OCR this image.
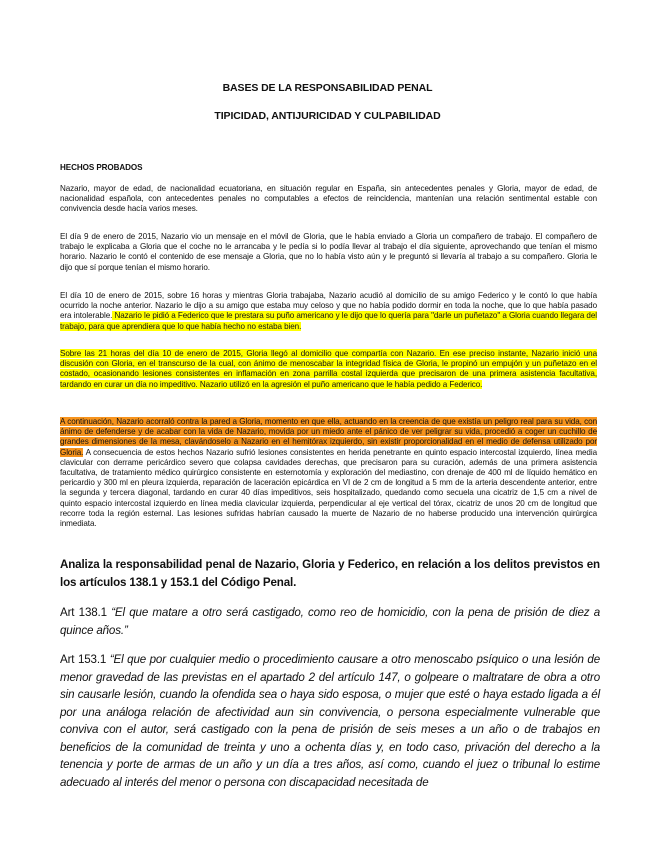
BASES DE LA RESPONSABILIDAD PENAL
TIPICIDAD, ANTIJURICIDAD Y CULPABILIDAD
HECHOS PROBADOS
Nazario, mayor de edad, de nacionalidad ecuatoriana, en situación regular en España, sin antecedentes penales y Gloria, mayor de edad, de nacionalidad española, con antecedentes penales no computables a efectos de reincidencia, mantenían una relación sentimental estable con convivencia desde hacía varios meses.
El día 9 de enero de 2015, Nazario vio un mensaje en el móvil de Gloria, que le había enviado a Gloria un compañero de trabajo. El compañero de trabajo le explicaba a Gloria que el coche no le arrancaba y le pedía si lo podía llevar al trabajo el día siguiente, aprovechando que tenían el mismo horario. Nazario le contó el contenido de ese mensaje a Gloria, que no lo había visto aún y le preguntó si llevaría al trabajo a su compañero. Gloria le dijo que sí porque tenían el mismo horario.
El día 10 de enero de 2015, sobre 16 horas y mientras Gloria trabajaba, Nazario acudió al domicilio de su amigo Federico y le contó lo que había ocurrido la noche anterior. Nazario le dijo a su amigo que estaba muy celoso y que no había podido dormir en toda la noche, que lo que había pasado era intolerable. Nazario le pidió a Federico que le prestara su puño americano y le dijo que lo quería para "darle un puñetazo" a Gloria cuando llegara del trabajo, para que aprendiera que lo que había hecho no estaba bien.
Sobre las 21 horas del día 10 de enero de 2015, Gloria llegó al domicilio que compartía con Nazario. En ese preciso instante, Nazario inició una discusión con Gloria, en el transcurso de la cual, con ánimo de menoscabar la integridad física de Gloria, le propinó un empujón y un puñetazo en el costado, ocasionando lesiones consistentes en inflamación en zona parrilla costal izquierda que precisaron de una primera asistencia facultativa, tardando en curar un día no impeditivo. Nazario utilizó en la agresión el puño americano que le había pedido a Federico.
A continuación, Nazario acorraló contra la pared a Gloria, momento en que ella, actuando en la creencia de que existía un peligro real para su vida, con ánimo de defenderse y de acabar con la vida de Nazario, movida por un miedo ante el pánico de ver peligrar su vida, procedió a coger un cuchillo de grandes dimensiones de la mesa, clavándoselo a Nazario en el hemitórax izquierdo, sin existir proporcionalidad en el medio de defensa utilizado por Gloria. A consecuencia de estos hechos Nazario sufrió lesiones consistentes en herida penetrante en quinto espacio intercostal izquierdo, línea media clavicular con derrame pericárdico severo que colapsa cavidades derechas, que precisaron para su curación, además de una primera asistencia facultativa, de tratamiento médico quirúrgico consistente en esternotomía y exploración del mediastino, con drenaje de 400 ml de líquido hemático en pericardio y 300 ml en pleura izquierda, reparación de laceración epicárdica en VI de 2 cm de longitud a 5 mm de la arteria descendente anterior, entre la segunda y tercera diagonal, tardando en curar 40 días impeditivos, seis hospitalizado, quedando como secuela una cicatriz de 1,5 cm a nivel de quinto espacio intercostal izquierdo en línea media clavicular izquierda, perpendicular al eje vertical del tórax, cicatriz de unos 20 cm de longitud que recorre toda la región esternal. Las lesiones sufridas habrían causado la muerte de Nazario de no haberse producido una intervención quirúrgica inmediata.
Analiza la responsabilidad penal de Nazario, Gloria y Federico, en relación a los delitos previstos en los artículos 138.1 y 153.1 del Código Penal.
Art 138.1 “El que matare a otro será castigado, como reo de homicidio, con la pena de prisión de diez a quince años.”
Art 153.1 “El que por cualquier medio o procedimiento causare a otro menoscabo psíquico o una lesión de menor gravedad de las previstas en el apartado 2 del artículo 147, o golpeare o maltratare de obra a otro sin causarle lesión, cuando la ofendida sea o haya sido esposa, o mujer que esté o haya estado ligada a él por una análoga relación de afectividad aun sin convivencia, o persona especialmente vulnerable que conviva con el autor, será castigado con la pena de prisión de seis meses a un año o de trabajos en beneficios de la comunidad de treinta y uno a ochenta días y, en todo caso, privación del derecho a la tenencia y porte de armas de un año y un día a tres años, así como, cuando el juez o tribunal lo estime adecuado al interés del menor o persona con discapacidad necesitada de
